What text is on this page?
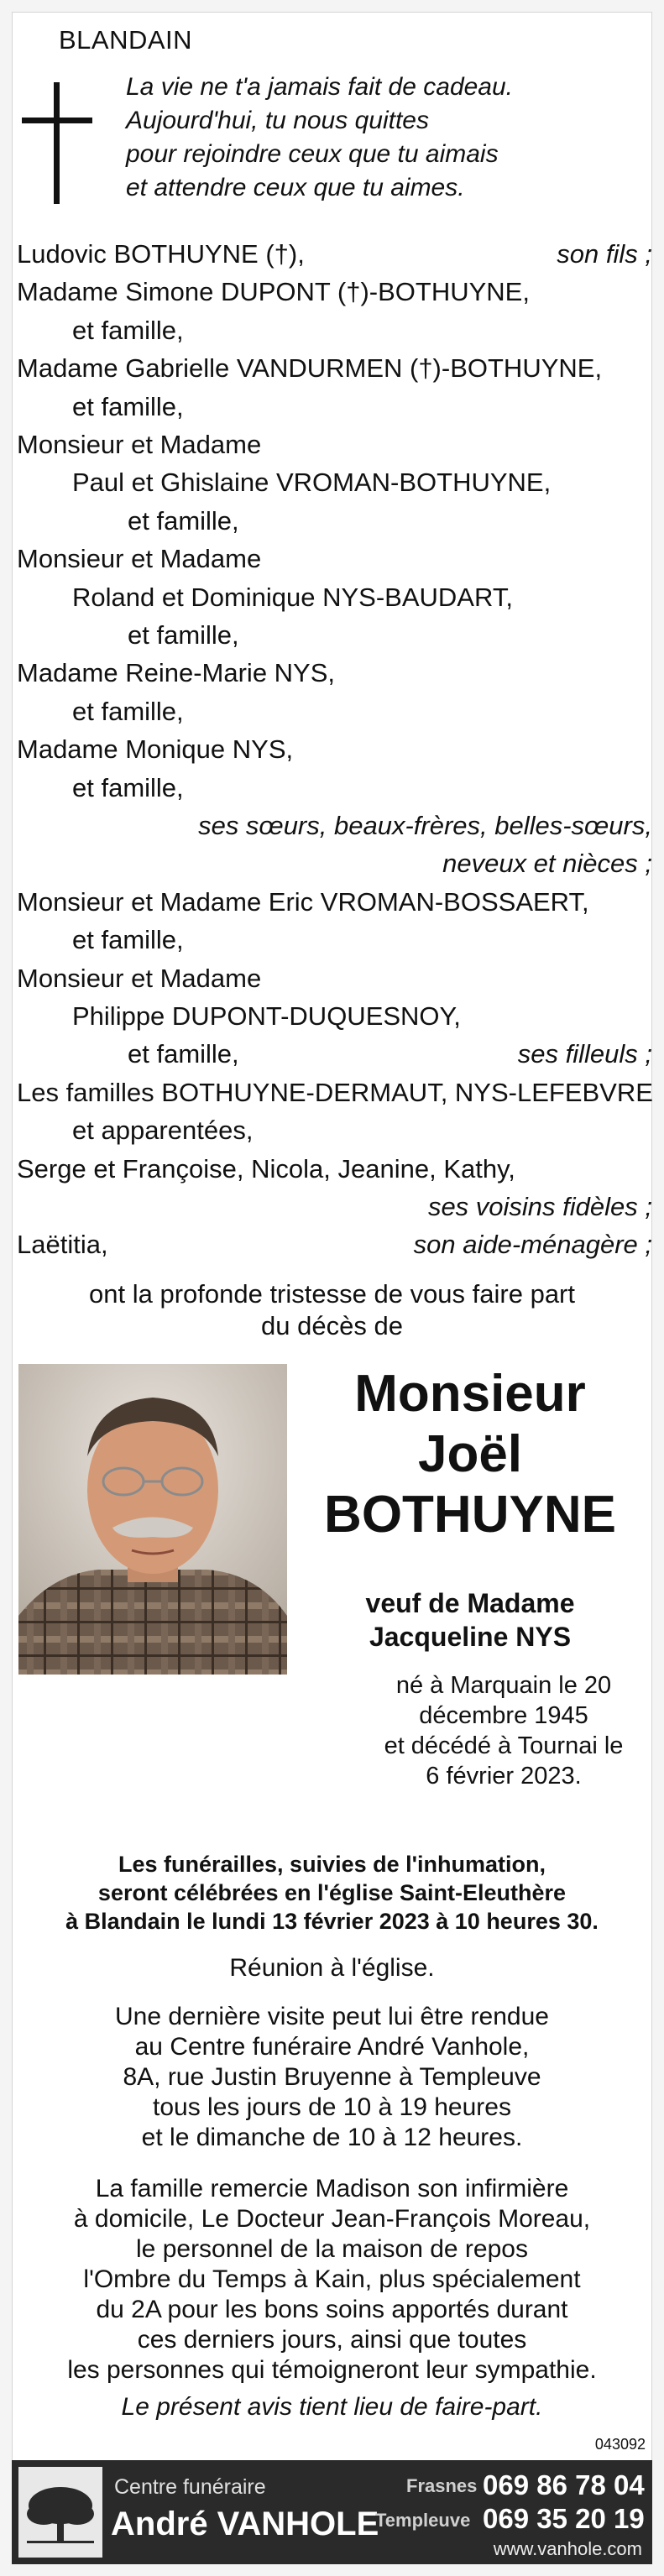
BLANDAIN
La vie ne t'a jamais fait de cadeau.
Aujourd'hui, tu nous quittes
pour rejoindre ceux que tu aimais
et attendre ceux que tu aimes.
Ludovic BOTHUYNE (†),	son fils ;
Madame Simone DUPONT (†)-BOTHUYNE,
et famille,
Madame Gabrielle VANDURMEN (†)-BOTHUYNE,
et famille,
Monsieur et Madame
Paul et Ghislaine VROMAN-BOTHUYNE,
et famille,
Monsieur et Madame
Roland et Dominique NYS-BAUDART,
et famille,
Madame Reine-Marie NYS,
et famille,
Madame Monique NYS,
et famille,
ses sœurs, beaux-frères, belles-sœurs,
neveux et nièces ;
Monsieur et Madame Eric VROMAN-BOSSAERT,
et famille,
Monsieur et Madame
Philippe DUPONT-DUQUESNOY,
et famille,	ses filleuls ;
Les familles BOTHUYNE-DERMAUT, NYS-LEFEBVRE
et apparentées,
Serge et Françoise, Nicola, Jeanine, Kathy,
ses voisins fidèles ;
Laëtitia,	son aide-ménagère ;
ont la profonde tristesse de vous faire part
du décès de
Monsieur
Joël
BOTHUYNE
veuf de Madame
Jacqueline NYS
né à Marquain le 20
décembre 1945
et décédé à Tournai le
6 février 2023.
Les funérailles, suivies de l'inhumation,
seront célébrées en l'église Saint-Eleuthère
à Blandain le lundi 13 février 2023 à 10 heures 30.
Réunion à l'église.
Une dernière visite peut lui être rendue
au Centre funéraire André Vanhole,
8A, rue Justin Bruyenne à Templeuve
tous les jours de 10 à 19 heures
et le dimanche de 10 à 12 heures.
La famille remercie Madison son infirmière
à domicile, Le Docteur Jean-François Moreau,
le personnel de la maison de repos
l'Ombre du Temps à Kain, plus spécialement
du 2A pour les bons soins apportés durant
ces derniers jours, ainsi que toutes
les personnes qui témoigneront leur sympathie.
Le présent avis tient lieu de faire-part.
043092
Centre funéraire
André VANHOLE
Frasnes 069 86 78 04
Templeuve 069 35 20 19
www.vanhole.com
